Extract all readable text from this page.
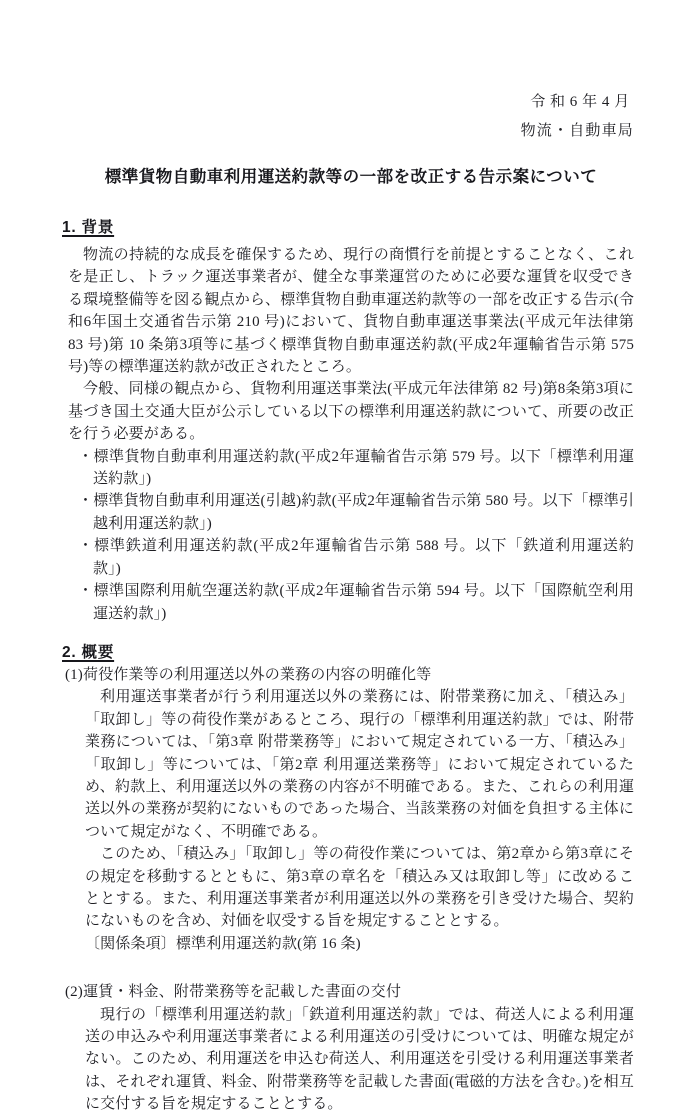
令和6年4月
物流・自動車局
標準貨物自動車利用運送約款等の一部を改正する告示案について
1. 背景

物流の持続的な成長を確保するため、現行の商慣行を前提とすることなく、これを是正し、トラック運送事業者が、健全な事業運営のために必要な運賃を収受できる環境整備等を図る観点から、標準貨物自動車運送約款等の一部を改正する告示(令和6年国土交通省告示第 210 号)において、貨物自動車運送事業法(平成元年法律第 83 号)第 10 条第3項等に基づく標準貨物自動車運送約款(平成2年運輸省告示第 575 号)等の標準運送約款が改正されたところ。

今般、同様の観点から、貨物利用運送事業法(平成元年法律第 82 号)第8条第3項に基づき国土交通大臣が公示している以下の標準利用運送約款について、所要の改正を行う必要がある。

・標準貨物自動車利用運送約款(平成2年運輸省告示第 579 号。以下「標準利用運送約款」)
・標準貨物自動車利用運送(引越)約款(平成2年運輸省告示第 580 号。以下「標準引越利用運送約款」)
・標準鉄道利用運送約款(平成2年運輸省告示第 588 号。以下「鉄道利用運送約款」)
・標準国際利用航空運送約款(平成2年運輸省告示第 594 号。以下「国際航空利用運送約款」)
2. 概要
(1)荷役作業等の利用運送以外の業務の内容の明確化等

利用運送事業者が行う利用運送以外の業務には、附帯業務に加え、「積込み」「取卸し」等の荷役作業があるところ、現行の「標準利用運送約款」では、附帯業務については、「第3章 附帯業務等」において規定されている一方、「積込み」「取卸し」等については、「第2章 利用運送業務等」において規定されているため、約款上、利用運送以外の業務の内容が不明確である。また、これらの利用運送以外の業務が契約にないものであった場合、当該業務の対価を負担する主体について規定がなく、不明確である。

このため、「積込み」「取卸し」等の荷役作業については、第2章から第3章にその規定を移動するとともに、第3章の章名を「積込み又は取卸し等」に改めることとする。また、利用運送事業者が利用運送以外の業務を引き受けた場合、契約にないものを含め、対価を収受する旨を規定することとする。

〔関係条項〕標準利用運送約款(第 16 条)

(2)運賃・料金、附帯業務等を記載した書面の交付

現行の「標準利用運送約款」「鉄道利用運送約款」では、荷送人による利用運送の申込みや利用運送事業者による利用運送の引受けについては、明確な規定がない。このため、利用運送を申込む荷送人、利用運送を引受ける利用運送事業者は、それぞれ運賃、料金、附帯業務等を記載した書面(電磁的方法を含む。)を相互に交付する旨を規定することとする。
